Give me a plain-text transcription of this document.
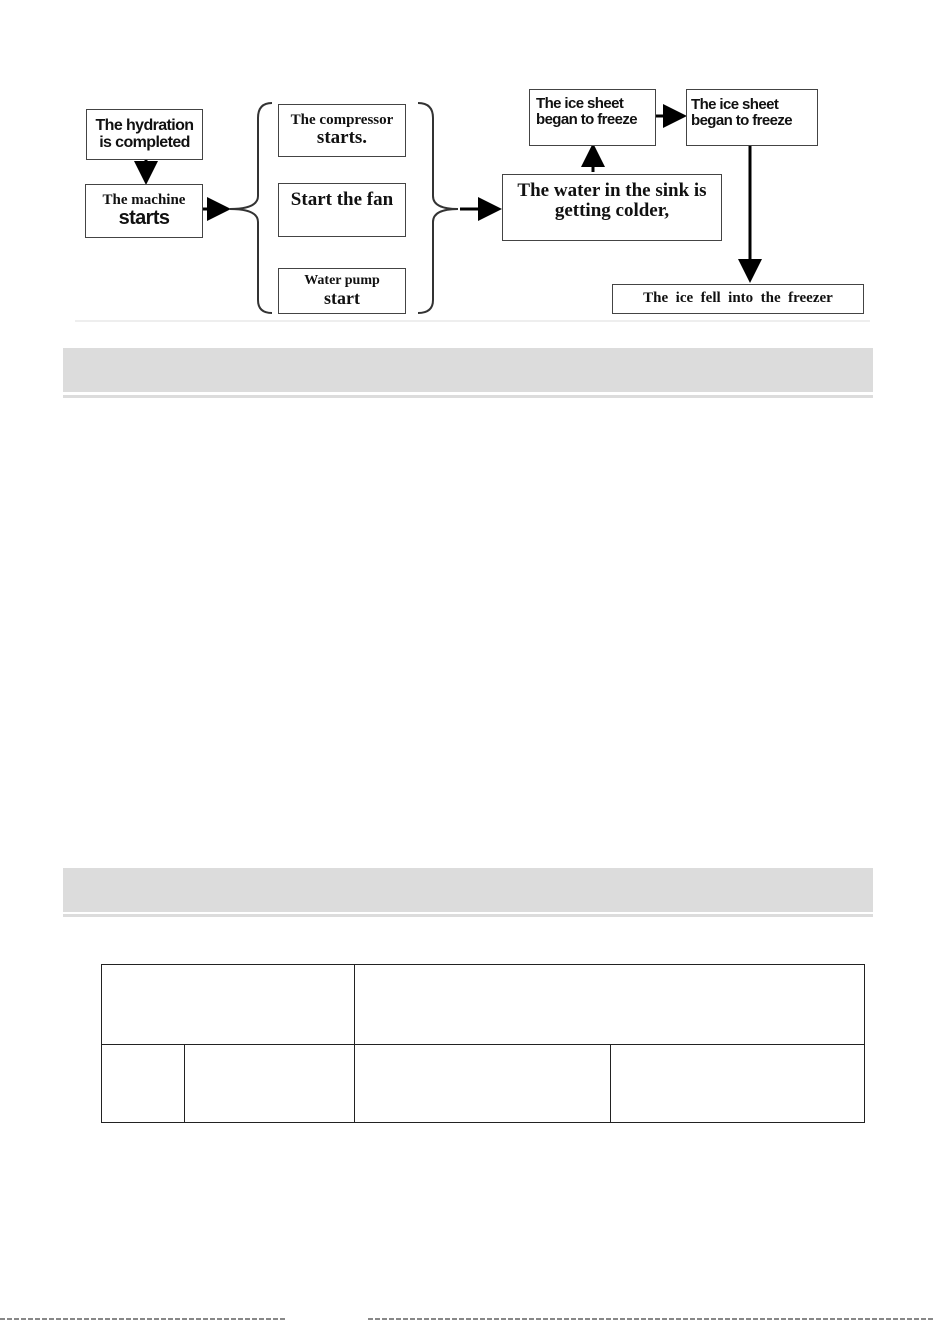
The hydration
is completed
The machine
starts
The compressor
starts.
Start the fan
Water pump
start
The water in the sink is
getting colder,
The ice sheet
began to freeze
The ice sheet
began to freeze
The  ice  fell  into  the  freezer
